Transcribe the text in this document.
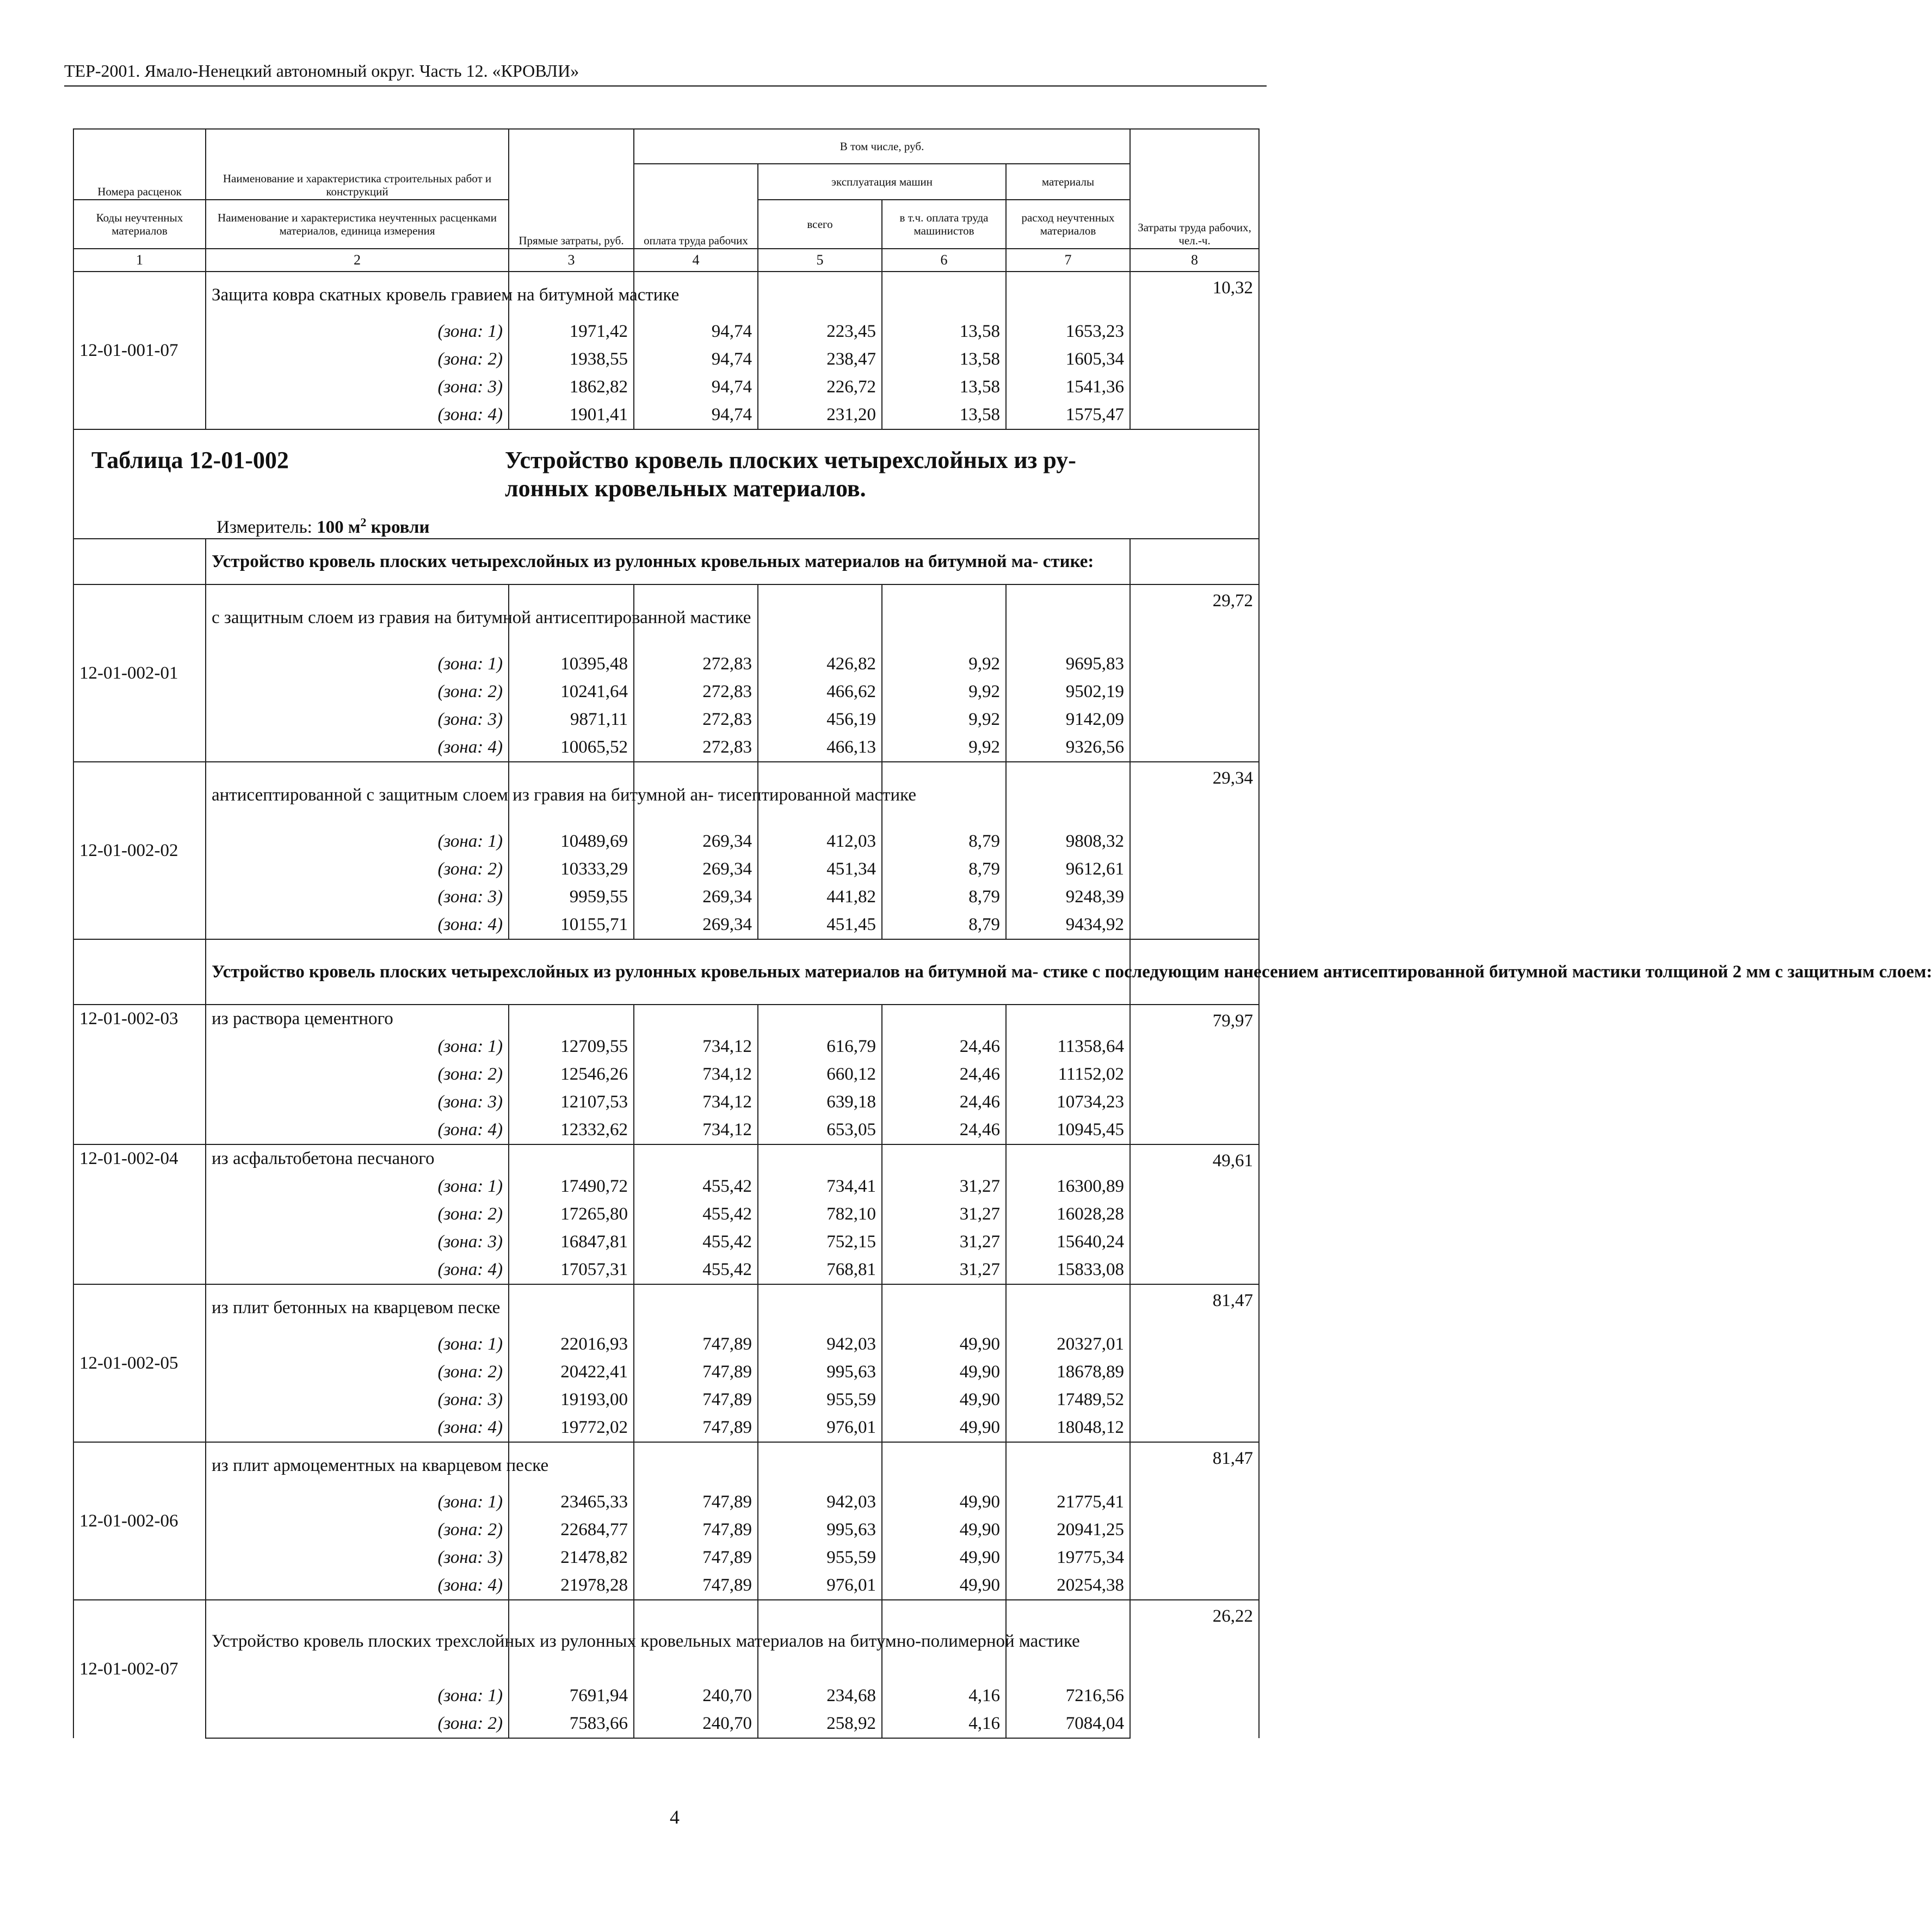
ТЕР-2001. Ямало-Ненецкий автономный округ. Часть 12. «КРОВЛИ»
Номера расценок	Наименование и характеристика строительных работ и конструкций	Прямые затраты, руб.	В том числе, руб.				Затраты труда рабочих, чел.-ч.
			оплата труда рабочих	эксплуатация машин		материалы	
Коды неучтенных материалов	Наименование и характеристика неучтенных расценками материалов, единица измерения			всего	в т.ч. оплата труда машинистов	расход неучтенных материалов	
1	2	3	4	5	6	7	8
12-01-001-07	Защита ковра скатных кровель гравием на битумной мастике						10,32
	(зона: 1)	1971,42	94,74	223,45	13,58	1653,23	
	(зона: 2)	1938,55	94,74	238,47	13,58	1605,34	
	(зона: 3)	1862,82	94,74	226,72	13,58	1541,36	
	(зона: 4)	1901,41	94,74	231,20	13,58	1575,47	

Таблица 12-01-002 Устройство кровель плоских четырехслойных из ру- лонных кровельных материалов.
Измеритель: 100 $м^2$ кровли							

	Устройство кровель плоских четырехслойных из рулонных кровельных материалов на битумной ма- стике:						
12-01-002-01	с защитным слоем из гравия на битумной антисептированной мастике						29,72
	(зона: 1)	10395,48	272,83	426,82	9,92	9695,83	
	(зона: 2)	10241,64	272,83	466,62	9,92	9502,19	
	(зона: 3)	9871,11	272,83	456,19	9,92	9142,09	
	(зона: 4)	10065,52	272,83	466,13	9,92	9326,56	
12-01-002-02	антисептированной с защитным слоем из гравия на битумной ан- тисептированной мастике						29,34
	(зона: 1)	10489,69	269,34	412,03	8,79	9808,32	
	(зона: 2)	10333,29	269,34	451,34	8,79	9612,61	
	(зона: 3)	9959,55	269,34	441,82	8,79	9248,39	
	(зона: 4)	10155,71	269,34	451,45	8,79	9434,92	
	Устройство кровель плоских четырехслойных из рулонных кровельных материалов на битумной ма- стике с последующим нанесением антисептированной битумной мастики толщиной 2 мм с защитным слоем:						
12-01-002-03	из раствора цементного						79,97
	(зона: 1)	12709,55	734,12	616,79	24,46	11358,64	
	(зона: 2)	12546,26	734,12	660,12	24,46	11152,02	
	(зона: 3)	12107,53	734,12	639,18	24,46	10734,23	
	(зона: 4)	12332,62	734,12	653,05	24,46	10945,45	
12-01-002-04	из асфальтобетона песчаного						49,61
	(зона: 1)	17490,72	455,42	734,41	31,27	16300,89	
	(зона: 2)	17265,80	455,42	782,10	31,27	16028,28	
	(зона: 3)	16847,81	455,42	752,15	31,27	15640,24	
	(зона: 4)	17057,31	455,42	768,81	31,27	15833,08	
12-01-002-05	из плит бетонных на кварцевом песке						81,47
	(зона: 1)	22016,93	747,89	942,03	49,90	20327,01	
	(зона: 2)	20422,41	747,89	995,63	49,90	18678,89	
	(зона: 3)	19193,00	747,89	955,59	49,90	17489,52	
	(зона: 4)	19772,02	747,89	976,01	49,90	18048,12	
12-01-002-06	из плит армоцементных на кварцевом песке						81,47
	(зона: 1)	23465,33	747,89	942,03	49,90	21775,41	
	(зона: 2)	22684,77	747,89	995,63	49,90	20941,25	
	(зона: 3)	21478,82	747,89	955,59	49,90	19775,34	
	(зона: 4)	21978,28	747,89	976,01	49,90	20254,38	
12-01-002-07	Устройство кровель плоских трехслойных из рулонных кровельных материалов на битумно-полимерной мастике						26,22
	(зона: 1)	7691,94	240,70	234,68	4,16	7216,56	
	(зона: 2)	7583,66	240,70	258,92	4,16	7084,04	
4
